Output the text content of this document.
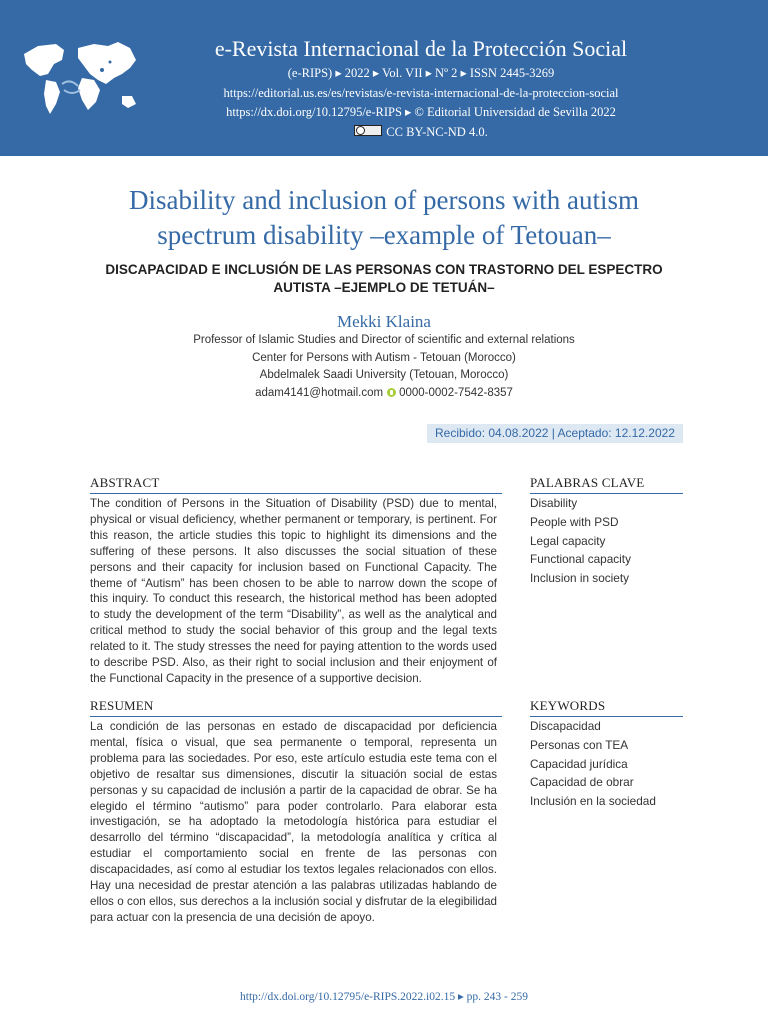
e-Revista Internacional de la Protección Social
(e-RIPS) ▸ 2022 ▸ Vol. VII ▸ Nº 2 ▸ ISSN 2445-3269
https://editorial.us.es/es/revistas/e-revista-internacional-de-la-proteccion-social
https://dx.doi.org/10.12795/e-RIPS ▸ © Editorial Universidad de Sevilla 2022
CC BY-NC-ND 4.0.
Disability and inclusion of persons with autism spectrum disability –example of Tetouan–
DISCAPACIDAD E INCLUSIÓN DE LAS PERSONAS CON TRASTORNO DEL ESPECTRO AUTISTA –EJEMPLO DE TETUÁN–
Mekki Klaina
Professor of Islamic Studies and Director of scientific and external relations
Center for Persons with Autism - Tetouan (Morocco)
Abdelmalek Saadi University (Tetouan, Morocco)
adam4141@hotmail.com 0000-0002-7542-8357
Recibido: 04.08.2022 | Aceptado: 12.12.2022
ABSTRACT
The condition of Persons in the Situation of Disability (PSD) due to mental, physical or visual deficiency, whether permanent or temporary, is pertinent. For this reason, the article studies this topic to highlight its dimensions and the suffering of these persons. It also discusses the social situation of these persons and their capacity for inclusion based on Functional Capacity. The theme of “Autism” has been chosen to be able to narrow down the scope of this inquiry. To conduct this research, the historical method has been adopted to study the development of the term “Disability”, as well as the analytical and critical method to study the social behavior of this group and the legal texts related to it. The study stresses the need for paying attention to the words used to describe PSD. Also, as their right to social inclusion and their enjoyment of the Functional Capacity in the presence of a supportive decision.
PALABRAS CLAVE
Disability
People with PSD
Legal capacity
Functional capacity
Inclusion in society
RESUMEN
La condición de las personas en estado de discapacidad por deficiencia mental, física o visual, que sea permanente o temporal, representa un problema para las sociedades. Por eso, este artículo estudia este tema con el objetivo de resaltar sus dimensiones, discutir la situación social de estas personas y su capacidad de inclusión a partir de la capacidad de obrar. Se ha elegido el término “autismo” para poder controlarlo. Para elaborar esta investigación, se ha adoptado la metodología histórica para estudiar el desarrollo del término “discapacidad”, la metodología analítica y crítica al estudiar el comportamiento social en frente de las personas con discapacidades, así como al estudiar los textos legales relacionados con ellos. Hay una necesidad de prestar atención a las palabras utilizadas hablando de ellos o con ellos, sus derechos a la inclusión social y disfrutar de la elegibilidad para actuar con la presencia de una decisión de apoyo.
KEYWORDS
Discapacidad
Personas con TEA
Capacidad jurídica
Capacidad de obrar
Inclusión en la sociedad
http://dx.doi.org/10.12795/e-RIPS.2022.i02.15 ▸ pp. 243 - 259
